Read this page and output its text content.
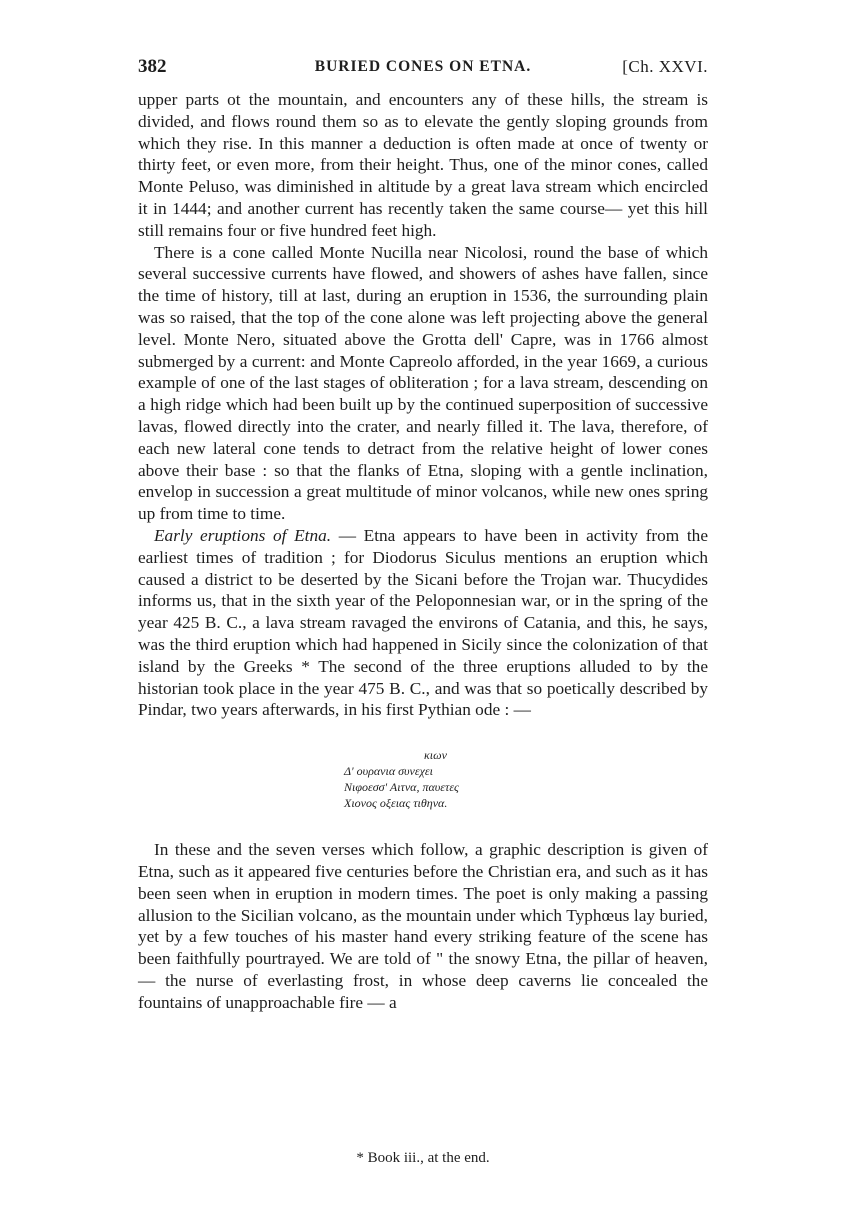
382	BURIED CONES ON ETNA.	[Ch. XXVI.

upper parts ot the mountain, and encounters any of these hills, the stream is divided, and flows round them so as to elevate the gently sloping grounds from which they rise. In this manner a deduction is often made at once of twenty or thirty feet, or even more, from their height. Thus, one of the minor cones, called Monte Peluso, was diminished in altitude by a great lava stream which encircled it in 1444; and another current has recently taken the same course— yet this hill still remains four or five hundred feet high.

There is a cone called Monte Nucilla near Nicolosi, round the base of which several successive currents have flowed, and showers of ashes have fallen, since the time of history, till at last, during an eruption in 1536, the surrounding plain was so raised, that the top of the cone alone was left projecting above the general level. Monte Nero, situated above the Grotta dell' Capre, was in 1766 almost submerged by a current: and Monte Capreolo afforded, in the year 1669, a curious example of one of the last stages of obliteration ; for a lava stream, descending on a high ridge which had been built up by the continued superposition of successive lavas, flowed directly into the crater, and nearly filled it. The lava, therefore, of each new lateral cone tends to detract from the relative height of lower cones above their base : so that the flanks of Etna, sloping with a gentle inclination, envelop in succession a great multitude of minor volcanos, while new ones spring up from time to time.

Early eruptions of Etna. — Etna appears to have been in activity from the earliest times of tradition ; for Diodorus Siculus mentions an eruption which caused a district to be deserted by the Sicani before the Trojan war. Thucydides informs us, that in the sixth year of the Peloponnesian war, or in the spring of the year 425 B. C., a lava stream ravaged the environs of Catania, and this, he says, was the third eruption which had happened in Sicily since the colonization of that island by the Greeks * The second of the three eruptions alluded to by the historian took place in the year 475 B. C., and was that so poetically described by Pindar, two years afterwards, in his first Pythian ode : —

κιων
Δ' ουρανια συνεχει
Νιφοεσσ' Αιτνα, παυετες
Χιονος οξειας τιθηνα.

In these and the seven verses which follow, a graphic description is given of Etna, such as it appeared five centuries before the Christian era, and such as it has been seen when in eruption in modern times. The poet is only making a passing allusion to the Sicilian volcano, as the mountain under which Typhœus lay buried, yet by a few touches of his master hand every striking feature of the scene has been faithfully pourtrayed. We are told of " the snowy Etna, the pillar of heaven, — the nurse of everlasting frost, in whose deep caverns lie concealed the fountains of unapproachable fire — a

* Book iii., at the end.
